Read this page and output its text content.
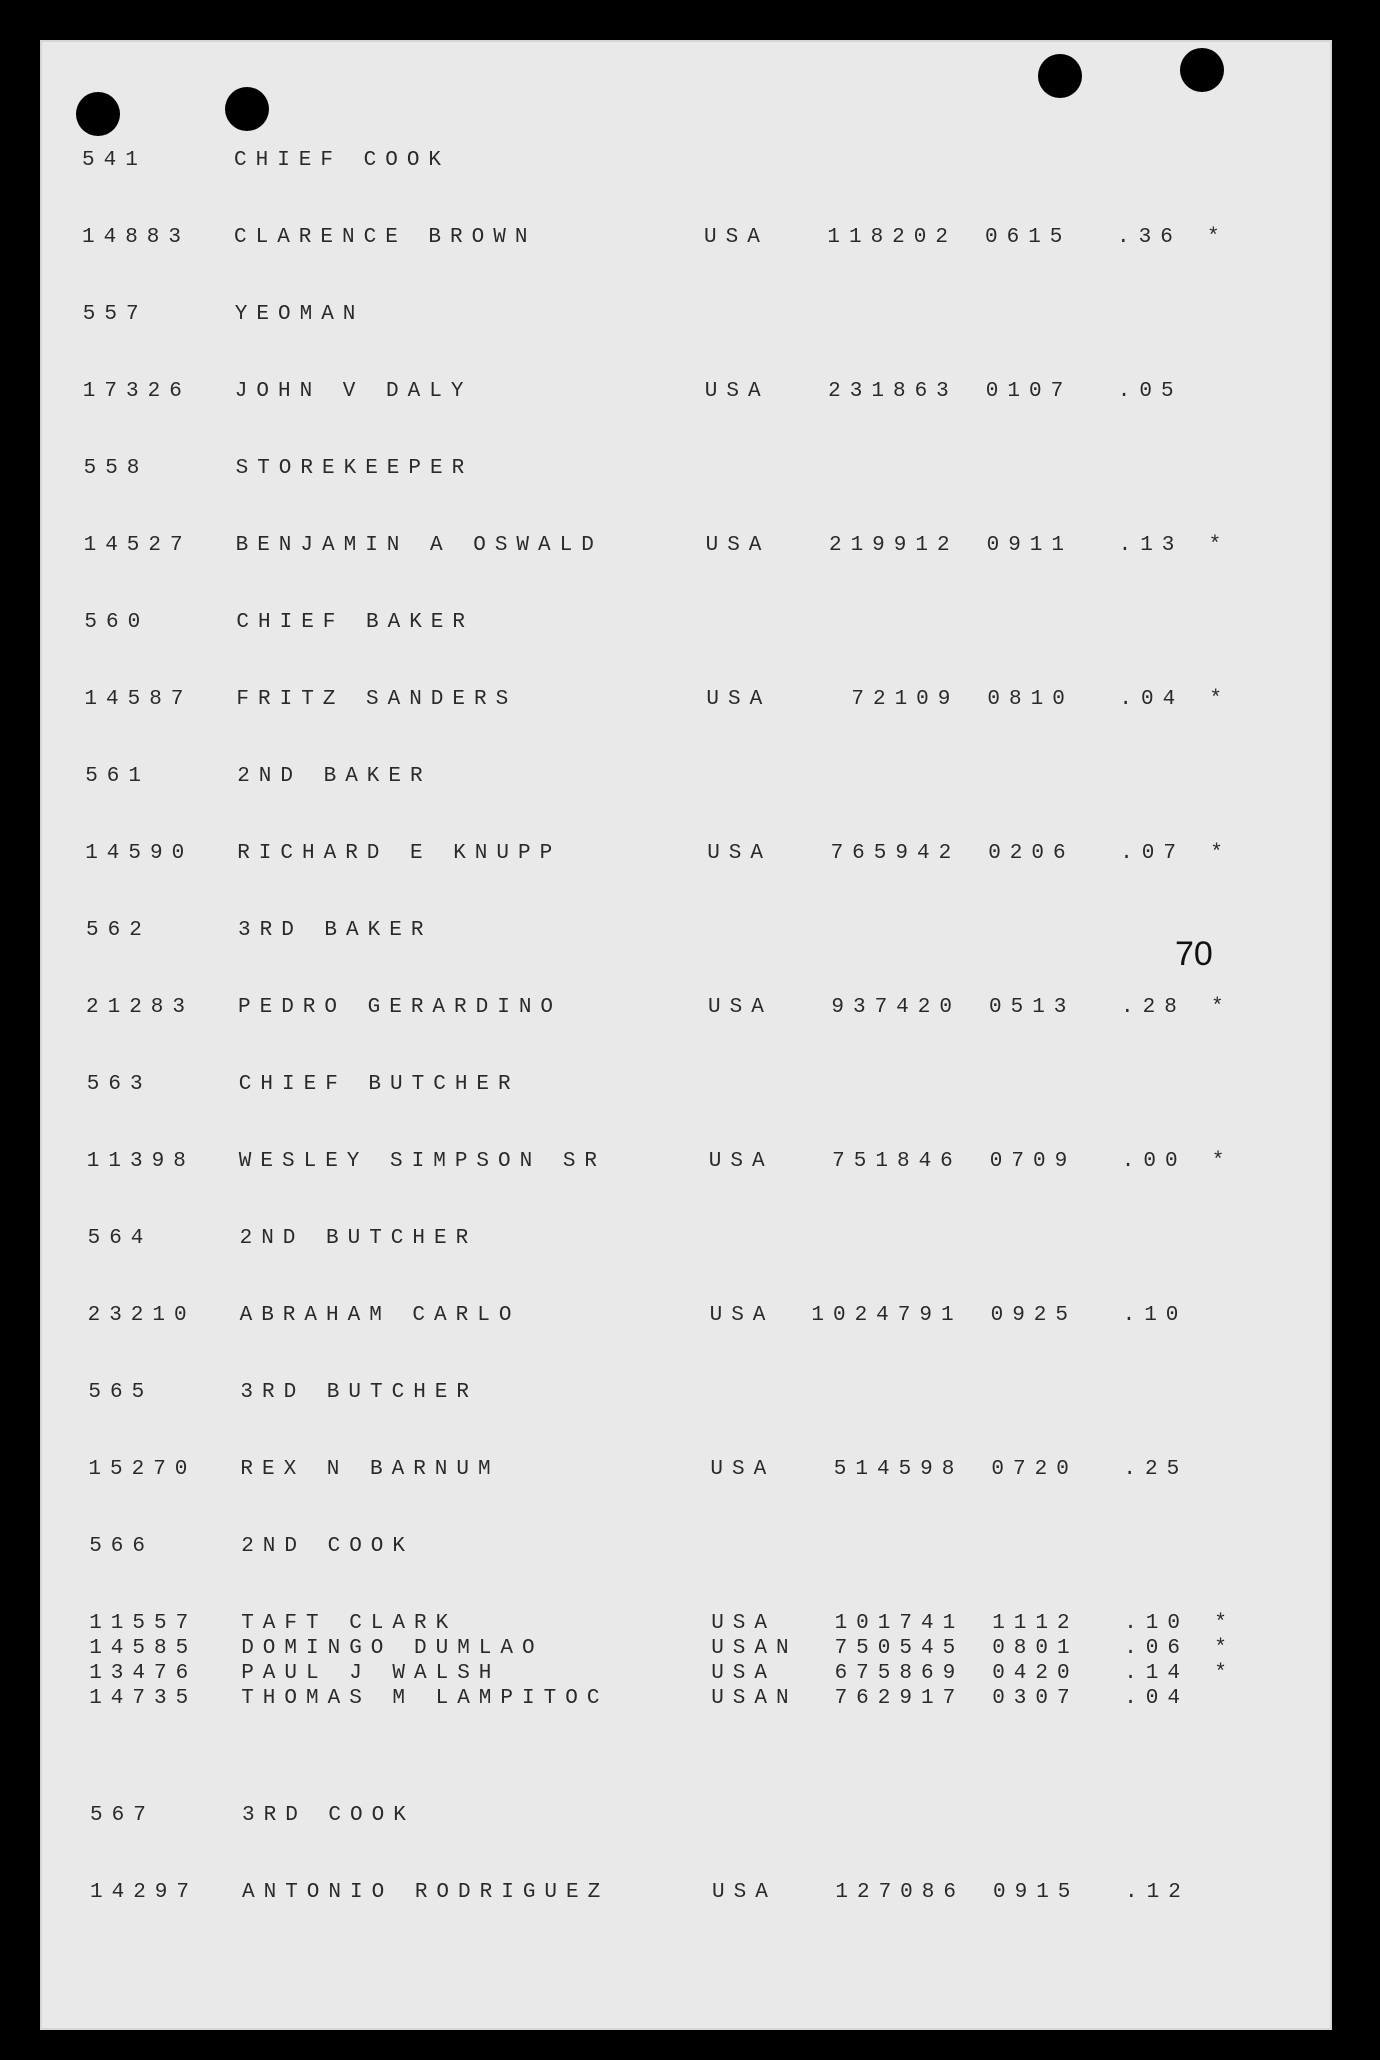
70
541	CHIEF COOK
14883 CLARENCE BROWN	USA	118202 0615 .36 *
557	YEOMAN
17326 JOHN V DALY	USA	231863 0107 .05
558	STOREKEEPER
14527 BENJAMIN A OSWALD	USA	219912 0911 .13 *
560	CHIEF BAKER
14587 FRITZ SANDERS	USA	72109 0810 .04 *
561	2ND BAKER
14590 RICHARD E KNUPP	USA	765942 0206 .07 *
562	3RD BAKER
21283 PEDRO GERARDINO	USA	937420 0513 .28 *
563	CHIEF BUTCHER
11398 WESLEY SIMPSON SR	USA	751846 0709 .00 *
564	2ND BUTCHER
23210 ABRAHAM CARLO	USA	1024791 0925 .10
565	3RD BUTCHER
15270 REX N BARNUM	USA	514598 0720 .25
566	2ND COOK
11557 TAFT CLARK	USA	101741 1112 .10 *
14585 DOMINGO DUMLAO	USAN	750545 0801 .06 *
13476 PAUL J WALSH	USA	675869 0420 .14 *
14735 THOMAS M LAMPITOC	USAN	762917 0307 .04
567	3RD COOK
14297 ANTONIO RODRIGUEZ	USA	127086 0915 .12
